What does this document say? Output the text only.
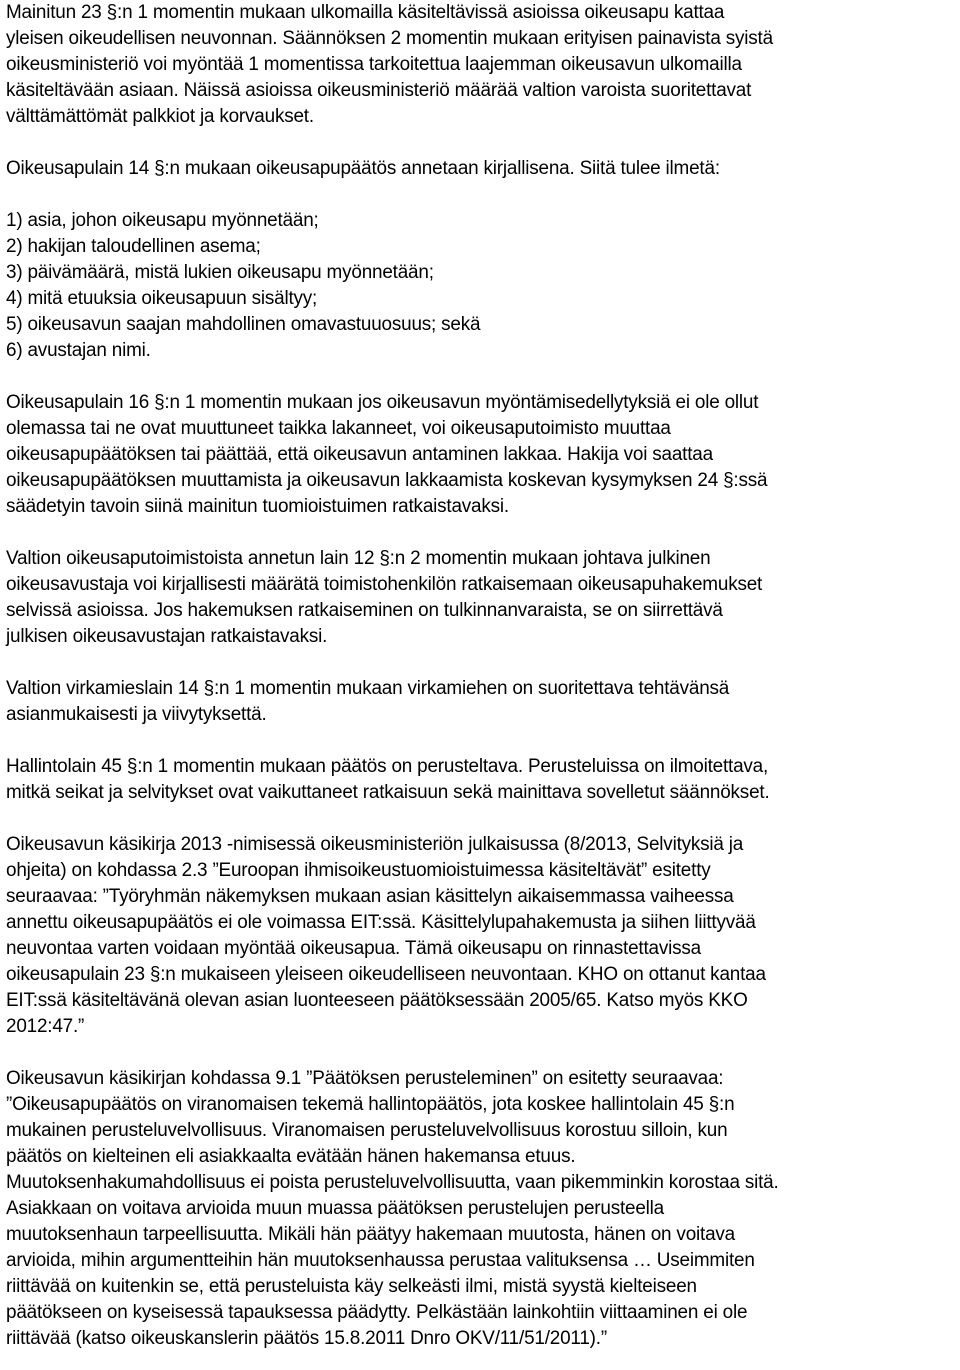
Mainitun 23 §:n 1 momentin mukaan ulkomailla käsiteltävissä asioissa oikeusapu kattaa
yleisen oikeudellisen neuvonnan. Säännöksen 2 momentin mukaan erityisen painavista syistä
oikeusministeriö voi myöntää 1 momentissa tarkoitettua laajemman oikeusavun ulkomailla
käsiteltävään asiaan. Näissä asioissa oikeusministeriö määrää valtion varoista suoritettavat
välttämättömät palkkiot ja korvaukset.
Oikeusapulain 14 §:n mukaan oikeusapupäätös annetaan kirjallisena. Siitä tulee ilmetä:
1) asia, johon oikeusapu myönnetään;
2) hakijan taloudellinen asema;
3) päivämäärä, mistä lukien oikeusapu myönnetään;
4) mitä etuuksia oikeusapuun sisältyy;
5) oikeusavun saajan mahdollinen omavastuuosuus; sekä
6) avustajan nimi.
Oikeusapulain 16 §:n 1 momentin mukaan jos oikeusavun myöntämisedellytyksiä ei ole ollut
olemassa tai ne ovat muuttuneet taikka lakanneet, voi oikeusaputoimisto muuttaa
oikeusapupäätöksen tai päättää, että oikeusavun antaminen lakkaa. Hakija voi saattaa
oikeusapupäätöksen muuttamista ja oikeusavun lakkaamista koskevan kysymyksen 24 §:ssä
säädetyin tavoin siinä mainitun tuomioistuimen ratkaistavaksi.
Valtion oikeusaputoimistoista annetun lain 12 §:n 2 momentin mukaan johtava julkinen
oikeusavustaja voi kirjallisesti määrätä toimistohenkilön ratkaisemaan oikeusapuhakemukset
selvissä asioissa. Jos hakemuksen ratkaiseminen on tulkinnanvaraista, se on siirrettävä
julkisen oikeusavustajan ratkaistavaksi.
Valtion virkamieslain 14 §:n 1 momentin mukaan virkamiehen on suoritettava tehtävänsä
asianmukaisesti ja viivytyksettä.
Hallintolain 45 §:n 1 momentin mukaan päätös on perusteltava. Perusteluissa on ilmoitettava,
mitkä seikat ja selvitykset ovat vaikuttaneet ratkaisuun sekä mainittava sovelletut säännökset.
Oikeusavun käsikirja 2013 -nimisessä oikeusministeriön julkaisussa (8/2013, Selvityksiä ja
ohjeita) on kohdassa 2.3 ”Euroopan ihmisoikeustuomioistuimessa käsiteltävät” esitetty
seuraavaa: ”Työryhmän näkemyksen mukaan asian käsittelyn aikaisemmassa vaiheessa
annettu oikeusapupäätös ei ole voimassa EIT:ssä. Käsittelylupahakemusta ja siihen liittyvää
neuvontaa varten voidaan myöntää oikeusapua. Tämä oikeusapu on rinnastettavissa
oikeusapulain 23 §:n mukaiseen yleiseen oikeudelliseen neuvontaan. KHO on ottanut kantaa
EIT:ssä käsiteltävänä olevan asian luonteeseen päätöksessään 2005/65. Katso myös KKO
2012:47.”
Oikeusavun käsikirjan kohdassa 9.1 ”Päätöksen perusteleminen” on esitetty seuraavaa:
”Oikeusapupäätös on viranomaisen tekemä hallintopäätös, jota koskee hallintolain 45 §:n
mukainen perusteluvelvollisuus. Viranomaisen perusteluvelvollisuus korostuu silloin, kun
päätös on kielteinen eli asiakkaalta evätään hänen hakemansa etuus.
Muutoksenhakumahdollisuus ei poista perusteluvelvollisuutta, vaan pikemminkin korostaa sitä.
Asiakkaan on voitava arvioida muun muassa päätöksen perustelujen perusteella
muutoksenhaun tarpeellisuutta. Mikäli hän päätyy hakemaan muutosta, hänen on voitava
arvioida, mihin argumentteihin hän muutoksenhaussa perustaa valituksensa … Useimmiten
riittävää on kuitenkin se, että perusteluista käy selkeästi ilmi, mistä syystä kielteiseen
päätökseen on kyseisessä tapauksessa päädytty. Pelkästään lainkohtiin viittaaminen ei ole
riittävää (katso oikeuskanslerin päätös 15.8.2011 Dnro OKV/11/51/2011).”
